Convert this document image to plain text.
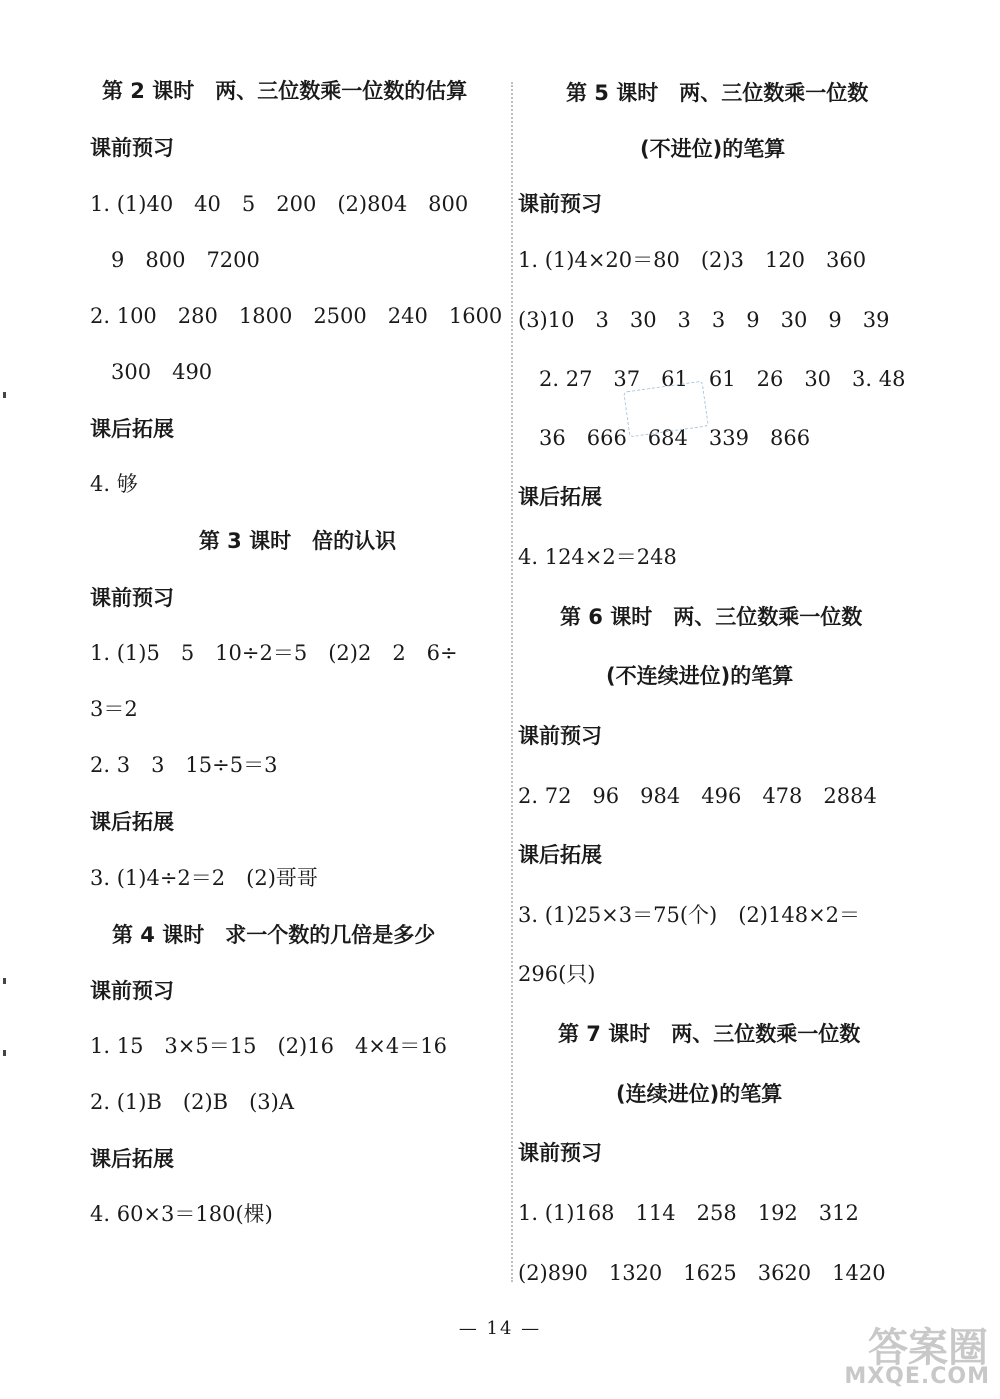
第 2 课时　两、三位数乘一位数的估算
课前预习
1. (1)40　40　5　200　(2)804　800
　9　800　7200
2. 100　280　1800　2500　240　1600
　300　490
课后拓展
4. 够
第 3 课时　倍的认识
课前预习
1. (1)5　5　10÷2＝5　(2)2　2　6÷
3＝2
2. 3　3　15÷5＝3
课后拓展
3. (1)4÷2＝2　(2)哥哥
第 4 课时　求一个数的几倍是多少
课前预习
1. 15　3×5＝15　(2)16　4×4＝16
2. (1)B　(2)B　(3)A
课后拓展
4. 60×3＝180(棵)
第 5 课时　两、三位数乘一位数
(不进位)的笔算
课前预习
1. (1)4×20＝80　(2)3　120　360
(3)10　3　30　3　3　9　30　9　39
　2. 27　37　61　61　26　30　3. 48
　36　666　684　339　866
课后拓展
4. 124×2＝248
第 6 课时　两、三位数乘一位数
(不连续进位)的笔算
课前预习
2. 72　96　984　496　478　2884
课后拓展
3. (1)25×3＝75(个)　(2)148×2＝
296(只)
第 7 课时　两、三位数乘一位数
(连续进位)的笔算
课前预习
1. (1)168　114　258　192　312
(2)890　1320　1625　3620　1420
— 14 —	答案圈
MXQE.COM
